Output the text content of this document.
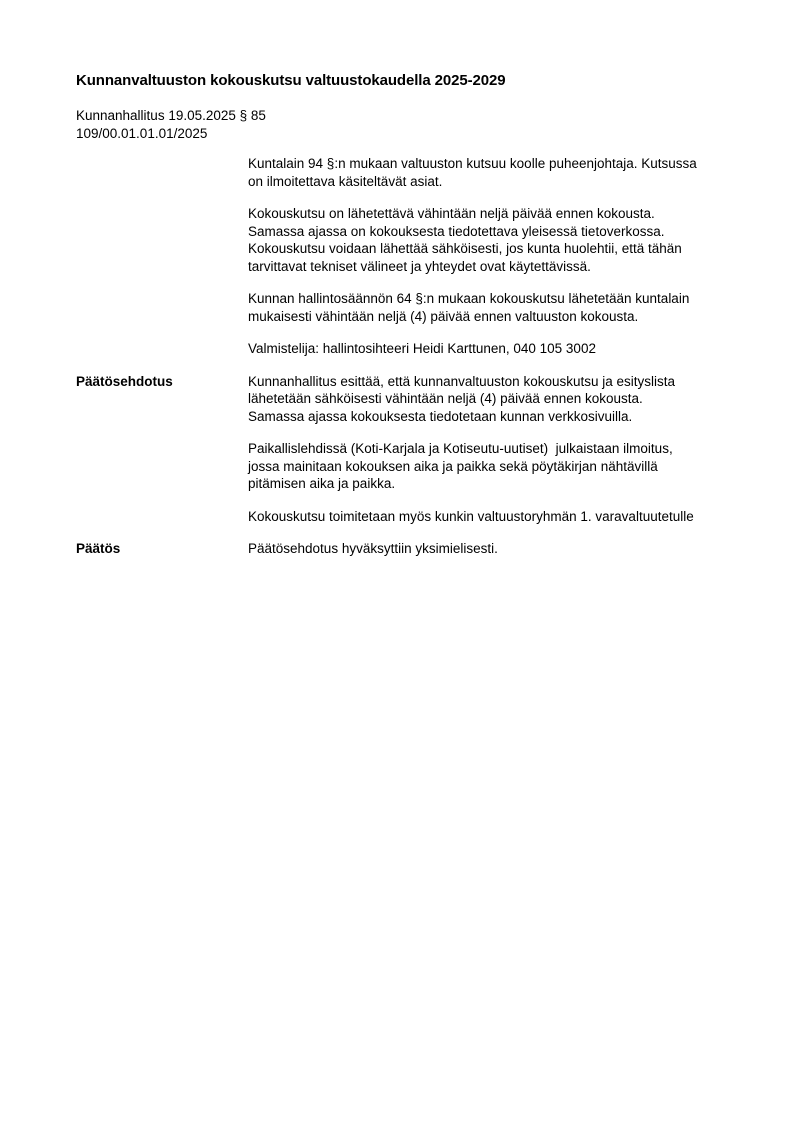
Kunnanvaltuuston kokouskutsu valtuustokaudella 2025-2029
Kunnanhallitus 19.05.2025 § 85
109/00.01.01.01/2025
Kuntalain 94 §:n mukaan valtuuston kutsuu koolle puheenjohtaja. Kutsussa
on ilmoitettava käsiteltävät asiat.
Kokouskutsu on lähetettävä vähintään neljä päivää ennen kokousta.
Samassa ajassa on kokouksesta tiedotettava yleisessä tietoverkossa.
Kokouskutsu voidaan lähettää sähköisesti, jos kunta huolehtii, että tähän
tarvittavat tekniset välineet ja yhteydet ovat käytettävissä.
Kunnan hallintosäännön 64 §:n mukaan kokouskutsu lähetetään kuntalain
mukaisesti vähintään neljä (4) päivää ennen valtuuston kokousta.
Valmistelija: hallintosihteeri Heidi Karttunen, 040 105 3002
Päätösehdotus	Kunnanhallitus esittää, että kunnanvaltuuston kokouskutsu ja esityslista
lähetetään sähköisesti vähintään neljä (4) päivää ennen kokousta.
Samassa ajassa kokouksesta tiedotetaan kunnan verkkosivuilla.
Paikallislehdissä (Koti-Karjala ja Kotiseutu-uutiset)  julkaistaan ilmoitus,
jossa mainitaan kokouksen aika ja paikka sekä pöytäkirjan nähtävillä
pitämisen aika ja paikka.
Kokouskutsu toimitetaan myös kunkin valtuustoryhmän 1. varavaltuutetulle
Päätös	Päätösehdotus hyväksyttiin yksimielisesti.
